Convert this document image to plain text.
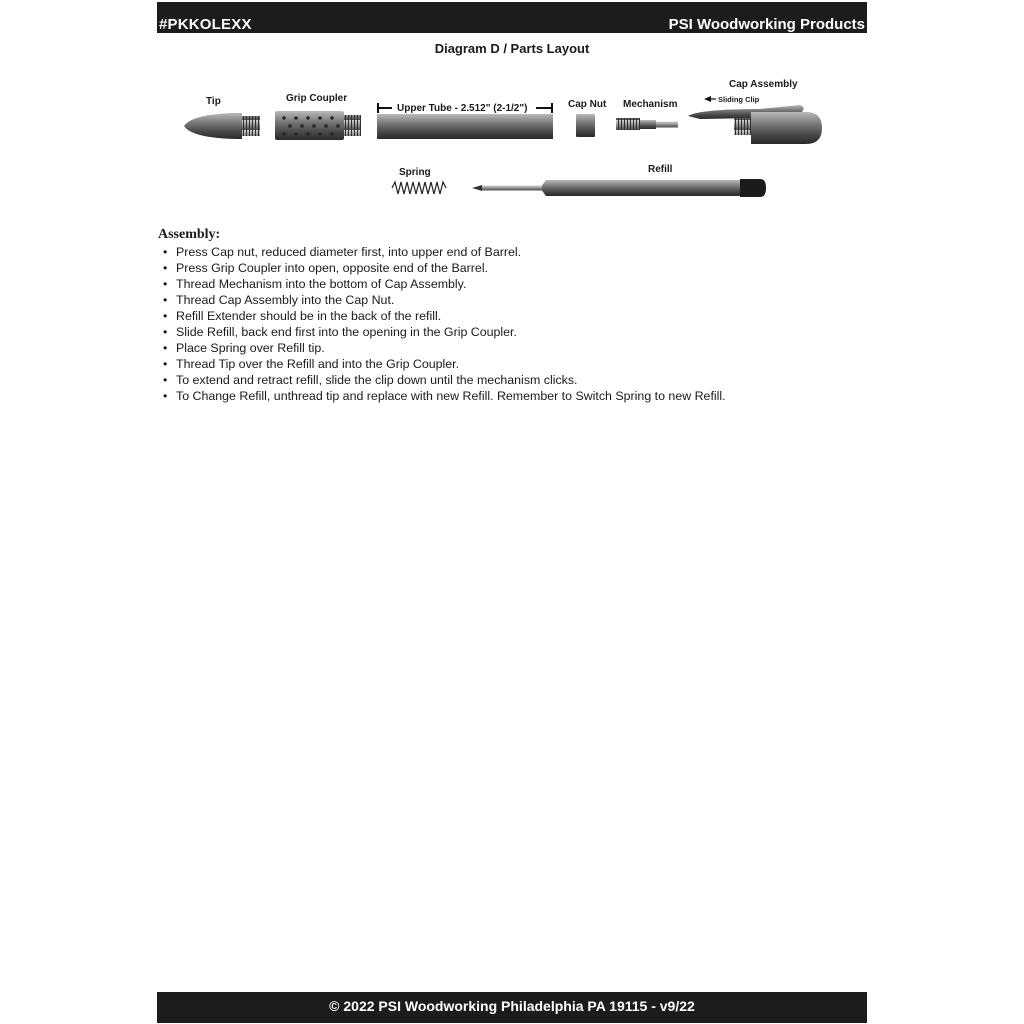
#PKKOLEXX	PSI Woodworking Products
Diagram D / Parts Layout
Tip	Grip Coupler
Upper Tube - 2.512" (2-1/2")	Cap Nut Mechanism
Cap Assembly
Sliding Clip
Spring	Refill
Assembly:
• Press Cap nut, reduced diameter first, into upper end of Barrel.
• Press Grip Coupler into open, opposite end of the Barrel.
• Thread Mechanism into the bottom of Cap Assembly.
• Thread Cap Assembly into the Cap Nut.
• Refill Extender should be in the back of the refill.
• Slide Refill, back end first into the opening in the Grip Coupler.
• Place Spring over Refill tip.
• Thread Tip over the Refill and into the Grip Coupler.
• To extend and retract refill, slide the clip down until the mechanism clicks.
• To Change Refill, unthread tip and replace with new Refill. Remember to Switch Spring to new Refill.
© 2022 PSI Woodworking Philadelphia PA 19115 - v9/22
